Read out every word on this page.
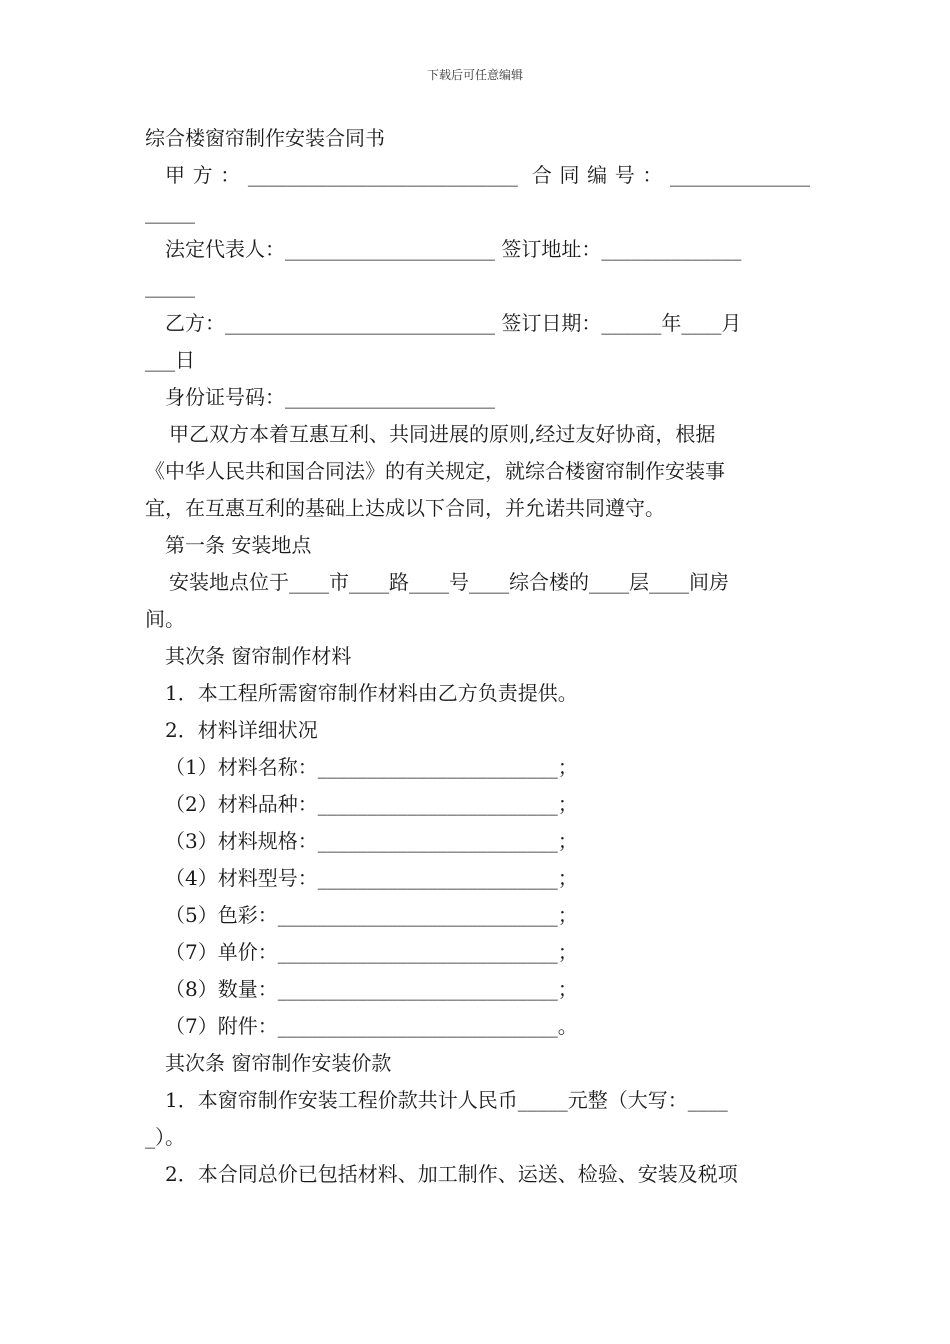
下载后可任意编辑

综合楼窗帘制作安装合同书

甲方：___________________________ 合同编号：______________

_____

法定代表人：_____________________ 签订地址：______________

_____

乙方：___________________________ 签订日期：______年____月

___日

身份证号码：_____________________

甲乙双方本着互惠互利、共同进展的原则,经过友好协商，根据

《中华人民共和国合同法》的有关规定，就综合楼窗帘制作安装事

宜，在互惠互利的基础上达成以下合同，并允诺共同遵守。

第一条 安装地点

安装地点位于____市____路____号____综合楼的____层____间房

间。

其次条 窗帘制作材料

1．本工程所需窗帘制作材料由乙方负责提供。

2．材料详细状况

（1）材料名称：________________________；

（2）材料品种：________________________；

（3）材料规格：________________________；

（4）材料型号：________________________；

（5）色彩：____________________________；

（7）单价：____________________________；

（8）数量：____________________________；

（7）附件：____________________________。

其次条 窗帘制作安装价款

1．本窗帘制作安装工程价款共计人民币_____元整（大写：____

_）。

2．本合同总价已包括材料、加工制作、运送、检验、安装及税项
